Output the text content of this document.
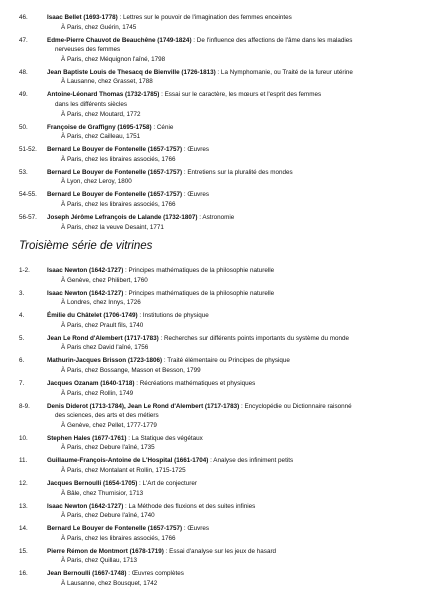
46.	Isaac Bellet (1693-1778) : Lettres sur le pouvoir de l'imagination des femmes enceintes
À Paris, chez Guérin, 1745
47.	Edme-Pierre Chauvot de Beauchêne (1749-1824) : De l'influence des affections de l'âme dans les maladies
nerveuses des femmes
À Paris, chez Méquignon l'aîné, 1798
48.	Jean Baptiste Louis de Thesacq de Bienville (1726-1813) : La Nymphomanie, ou Traité de la fureur utérine
À Lausanne, chez Grasset, 1788
49.	Antoine-Léonard Thomas (1732-1785) : Essai sur le caractère, les mœurs et l'esprit des femmes
dans les différents siècles
À Paris, chez Moutard, 1772
50.	Françoise de Graffigny (1695-1758) : Cénie
À Paris, chez Cailleau, 1751
51-52. Bernard Le Bouyer de Fontenelle (1657-1757) : Œuvres
À Paris, chez les libraires associés, 1766
53.	Bernard Le Bouyer de Fontenelle (1657-1757) : Entretiens sur la pluralité des mondes
À Lyon, chez Leroy, 1800
54-55. Bernard Le Bouyer de Fontenelle (1657-1757) : Œuvres
À Paris, chez les libraires associés, 1766
56-57. Joseph Jérôme Lefrançois de Lalande (1732-1807) : Astronomie
À Paris, chez la veuve Desaint, 1771
Troisième série de vitrines
1-2.	Isaac Newton (1642-1727) : Principes mathématiques de la philosophie naturelle
À Genève, chez Philibert, 1760
3.	Isaac Newton (1642-1727) : Principes mathématiques de la philosophie naturelle
À Londres, chez Innys, 1726
4.	Émilie du Châtelet (1706-1749) : Institutions de physique
À Paris, chez Prault fils, 1740
5.	Jean Le Rond d'Alembert (1717-1783) : Recherches sur différents points importants du système du monde
À Paris chez David l'aîné, 1756
6.	Mathurin-Jacques Brisson (1723-1806) : Traité élémentaire ou Principes de physique
À Paris, chez Bossange, Masson et Besson, 1799
7.	Jacques Ozanam (1640-1718) : Récréations mathématiques et physiques
À Paris, chez Rollin, 1749
8-9.	Denis Diderot (1713-1784), Jean Le Rond d'Alembert (1717-1783) : Encyclopédie ou Dictionnaire raisonné
des sciences, des arts et des métiers
À Genève, chez Pellet, 1777-1779
10.	Stephen Hales (1677-1761) : La Statique des végétaux
À Paris, chez Debure l'aîné, 1735
11.	Guillaume-François-Antoine de L'Hospital (1661-1704) : Analyse des infiniment petits
À Paris, chez Montalant et Rollin, 1715-1725
12.	Jacques Bernoulli (1654-1705) : L'Art de conjecturer
À Bâle, chez Thurnisior, 1713
13.	Isaac Newton (1642-1727) : La Méthode des fluxions et des suites infinies
À Paris, chez Debure l'aîné, 1740
14.	Bernard Le Bouyer de Fontenelle (1657-1757) : Œuvres
À Paris, chez les libraires associés, 1766
15.	Pierre Rémon de Montmort (1678-1719) : Essai d'analyse sur les jeux de hasard
À Paris, chez Quillau, 1713
16.	Jean Bernoulli (1667-1748) : Œuvres complètes
À Lausanne, chez Bousquet, 1742
